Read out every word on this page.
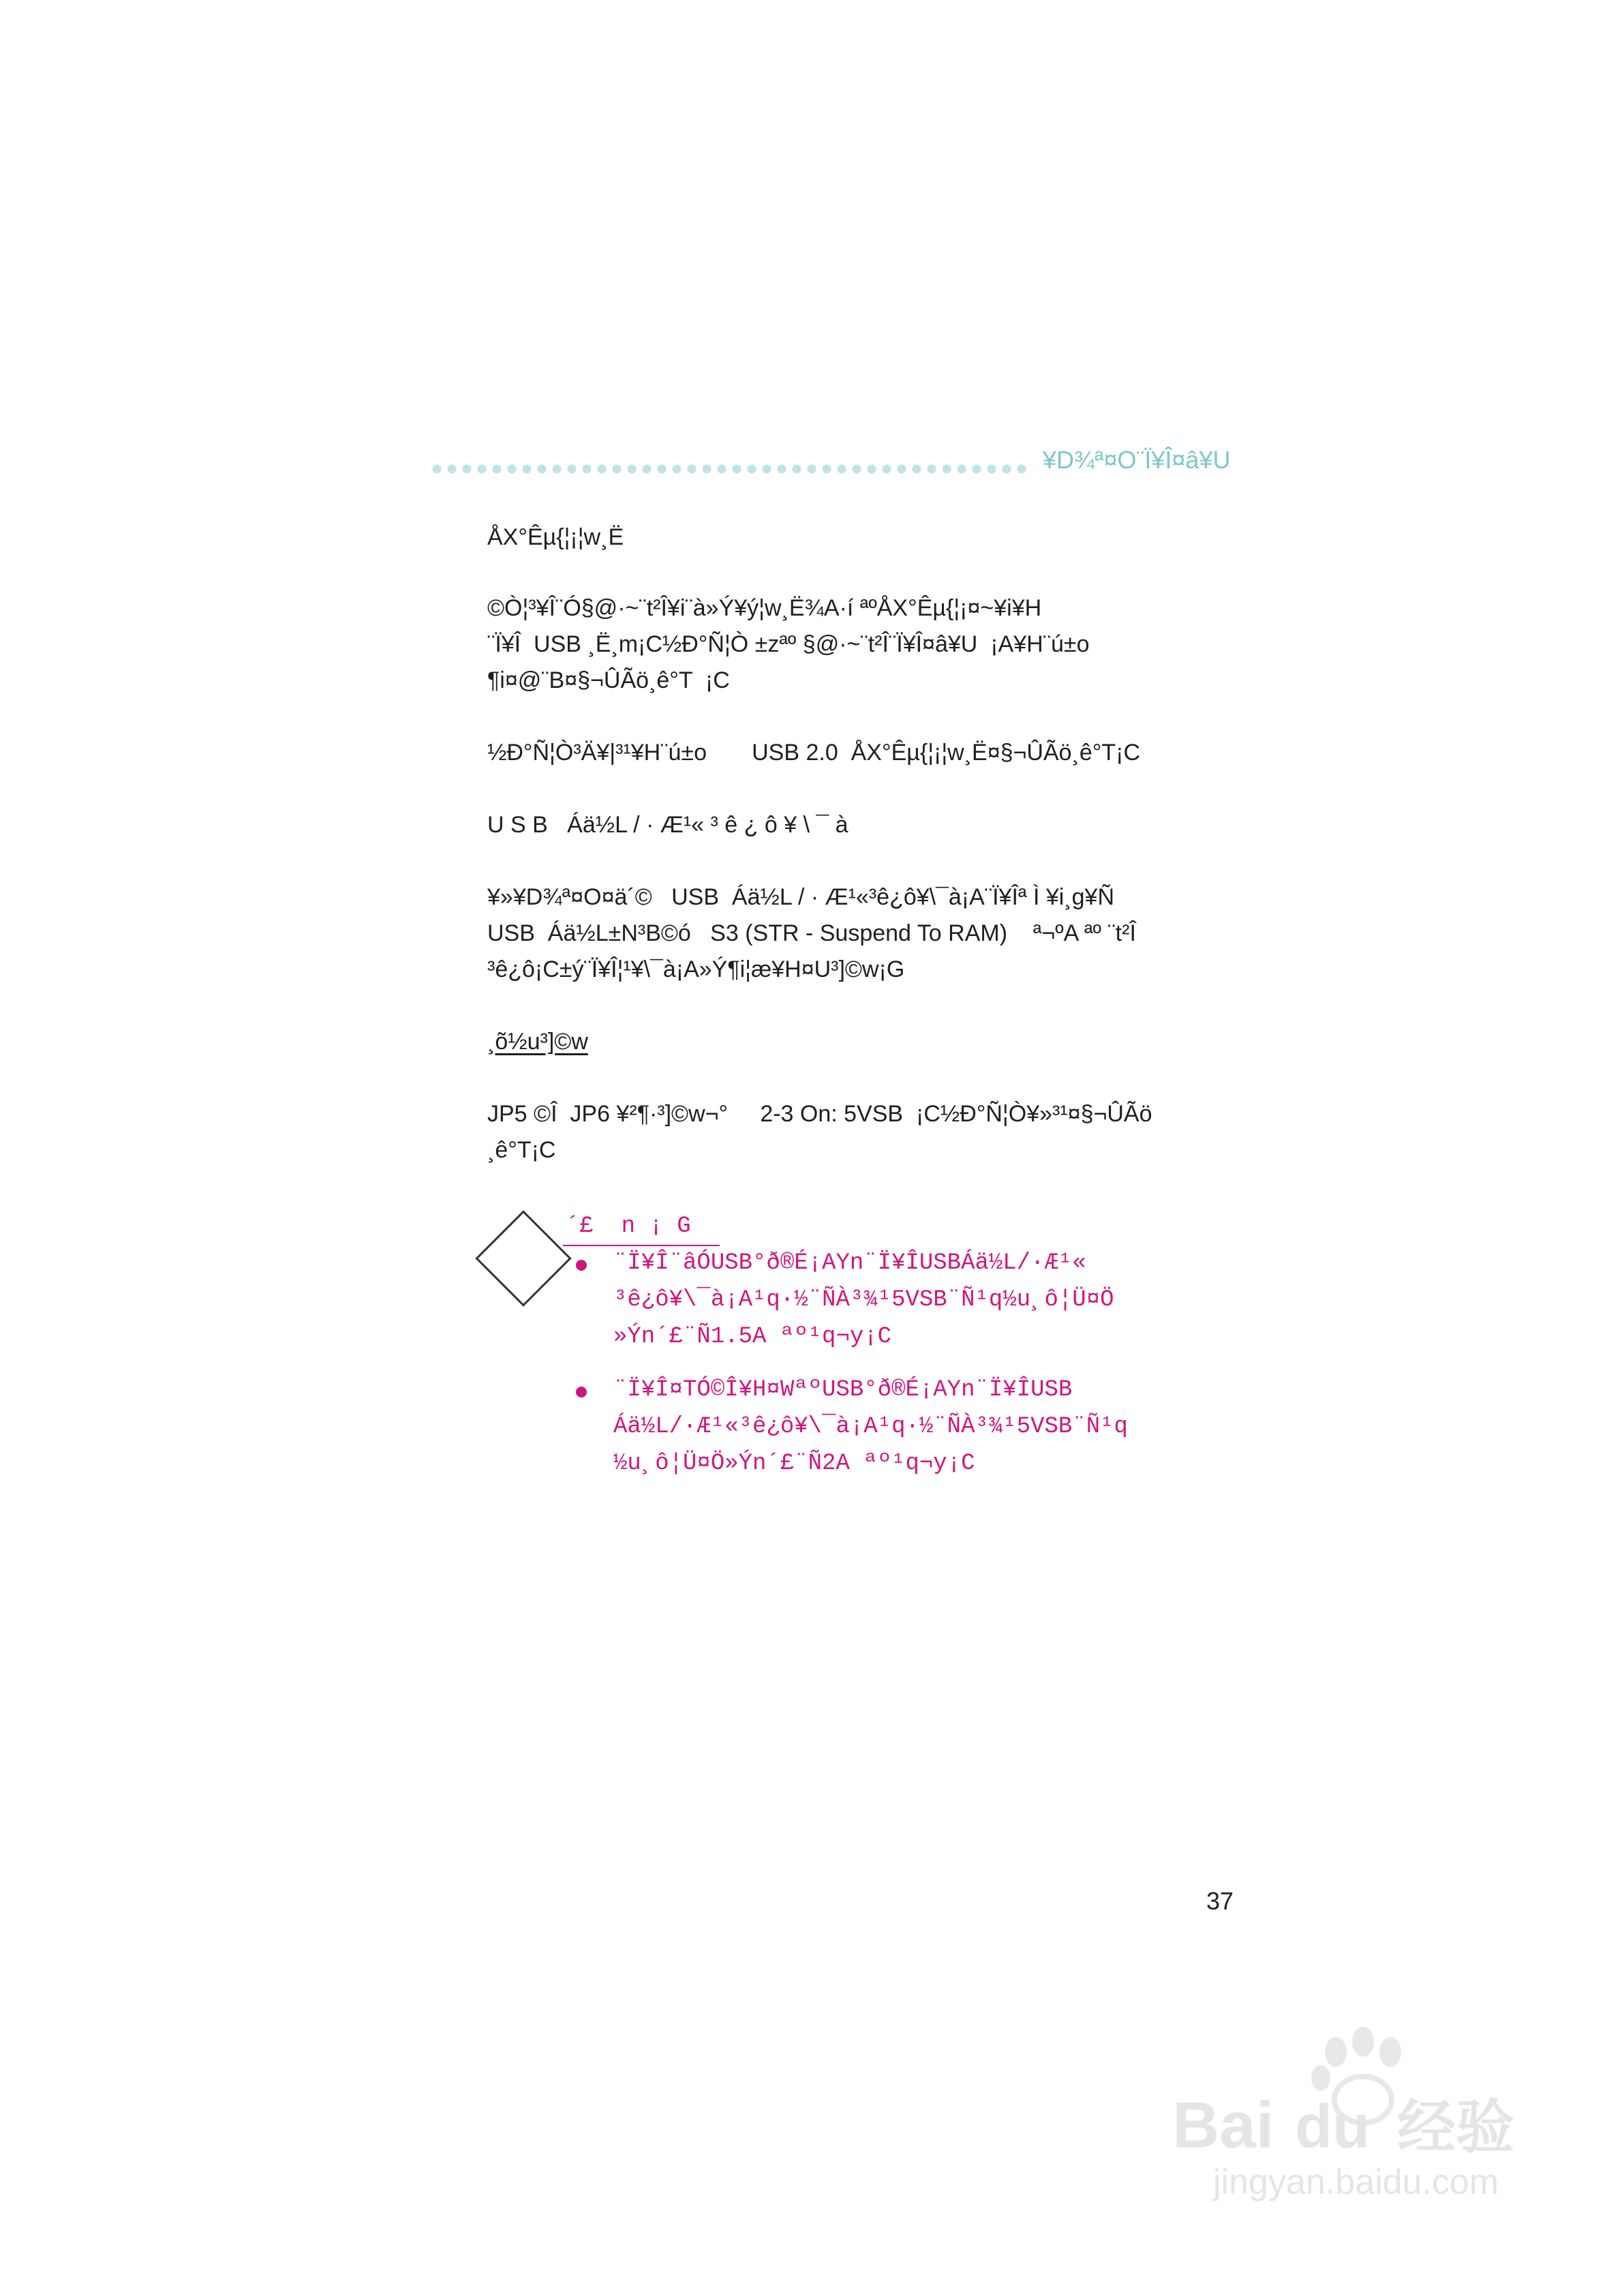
¥D¾ª¤O¨Ï¥Î¤â¥U
ÅX°Êµ{¦¡¦w¸Ë
©Ò¦³¥Î¨Ó§@·~¨t²Î¥i¨à»Ý¥ý¦w¸Ë¾A·í ªºÅX°Êµ{¦¡¤~¥i¥H
¨Ï¥Î  USB ¸Ë¸m¡C½Ð°Ñ¦Ò ±zªº §@·~¨t²Î¨Ï¥Î¤â¥U  ¡A¥H¨ú±o
¶i¤@¨B¤§¬ÛÃö¸ê°T  ¡C
½Ð°Ñ¦Ò³Ä¥|³¹¥H¨ú±o       USB 2.0  ÅX°Êµ{¦¡¦w¸Ë¤§¬ÛÃö¸ê°T¡C
U S B   Áä½L / · Æ¹« ³ ê ¿ ô ¥ \ ¯ à
¥»¥D¾ª¤O¤ä´©   USB  Áä½L / · Æ¹«³ê¿ô¥\¯à¡A¨Ï¥Îª Ì ¥i¸g¥Ñ
USB  Áä½L±N³B©ó   S3 (STR - Suspend To RAM)    ª¬ºA ªº ¨t²Î
³ê¿ô¡C±ý¨Ï¥Î¦¹¥\¯à¡A»Ý¶i¦æ¥H¤U³]©w¡G
¸õ½u³]©w
JP5 ©Î  JP6 ¥²¶·³]©w¬°     2-3 On: 5VSB  ¡C½Ð°Ñ¦Ò¥»³¹¤§¬ÛÃö
¸ê°T¡C
´£  n ¡ G
¨Ï¥Î¨âÓUSB°ð®É¡AYn¨Ï¥ÎUSBÁä½L/·Æ¹«
³ê¿ô¥\¯à¡A¹q·½¨ÑÀ³¾¹5VSB¨Ñ¹q½u¸ô¦Ü¤Ö
»Ýn´£¨Ñ1.5A ªº¹q¬y¡C
¨Ï¥Î¤TÓ©Î¥H¤WªºUSB°ð®É¡AYn¨Ï¥ÎUSB
Áä½L/·Æ¹«³ê¿ô¥\¯à¡A¹q·½¨ÑÀ³¾¹5VSB¨Ñ¹q
½u¸ô¦Ü¤Ö»Ýn´£¨Ñ2A ªº¹q¬y¡C
37
Bai du 经验
jingyan.baidu.com
